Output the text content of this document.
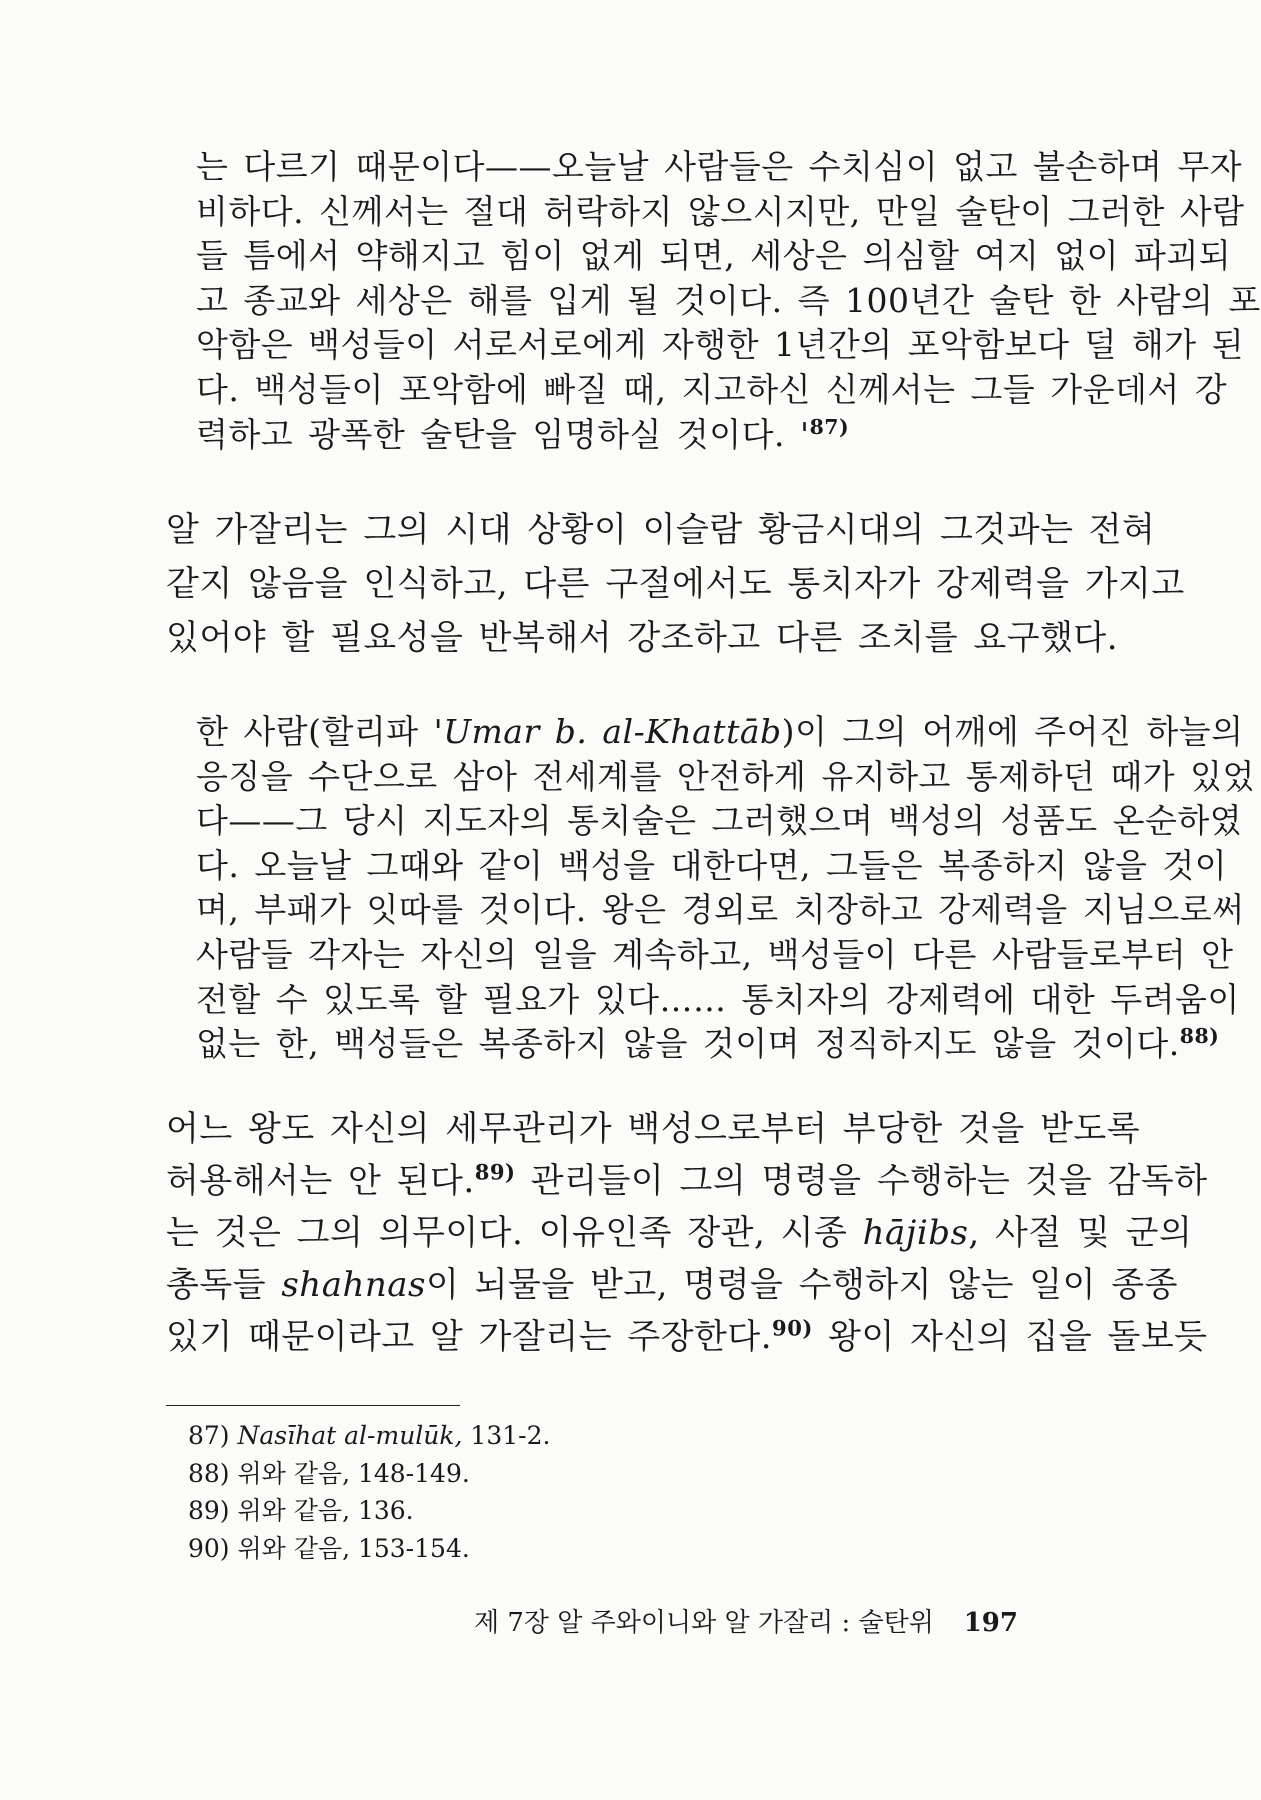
는 다르기 때문이다——오늘날 사람들은 수치심이 없고 불손하며 무자
비하다. 신께서는 절대 허락하지 않으시지만, 만일 술탄이 그러한 사람
들 틈에서 약해지고 힘이 없게 되면, 세상은 의심할 여지 없이 파괴되
고 종교와 세상은 해를 입게 될 것이다. 즉 100년간 술탄 한 사람의 포
악함은 백성들이 서로서로에게 자행한 1년간의 포악함보다 덜 해가 된
다. 백성들이 포악함에 빠질 때, 지고하신 신께서는 그들 가운데서 강
력하고 광폭한 술탄을 임명하실 것이다. '$^{87)}$
알 가잘리는 그의 시대 상황이 이슬람 황금시대의 그것과는 전혀
같지 않음을 인식하고, 다른 구절에서도 통치자가 강제력을 가지고
있어야 할 필요성을 반복해서 강조하고 다른 조치를 요구했다.
한 사람(할리파 'Umar b. al-Khattāb)이 그의 어깨에 주어진 하늘의
응징을 수단으로 삼아 전세계를 안전하게 유지하고 통제하던 때가 있었
다——그 당시 지도자의 통치술은 그러했으며 백성의 성품도 온순하였
다. 오늘날 그때와 같이 백성을 대한다면, 그들은 복종하지 않을 것이
며, 부패가 잇따를 것이다. 왕은 경외로 치장하고 강제력을 지님으로써
사람들 각자는 자신의 일을 계속하고, 백성들이 다른 사람들로부터 안
전할 수 있도록 할 필요가 있다…… 통치자의 강제력에 대한 두려움이
없는 한, 백성들은 복종하지 않을 것이며 정직하지도 않을 것이다.$^{88)}$
어느 왕도 자신의 세무관리가 백성으로부터 부당한 것을 받도록
허용해서는 안 된다.$^{89)}$ 관리들이 그의 명령을 수행하는 것을 감독하
는 것은 그의 의무이다. 이유인족 장관, 시종 hājibs, 사절 및 군의
총독들 shahnas이 뇌물을 받고, 명령을 수행하지 않는 일이 종종
있기 때문이라고 알 가잘리는 주장한다.$^{90)}$ 왕이 자신의 집을 돌보듯
87) Nasīhat al-mulūk, 131-2.
88) 위와 같음, 148-149.
89) 위와 같음, 136.
90) 위와 같음, 153-154.
제 7장 알 주와이니와 알 가잘리 : 술탄위 197
